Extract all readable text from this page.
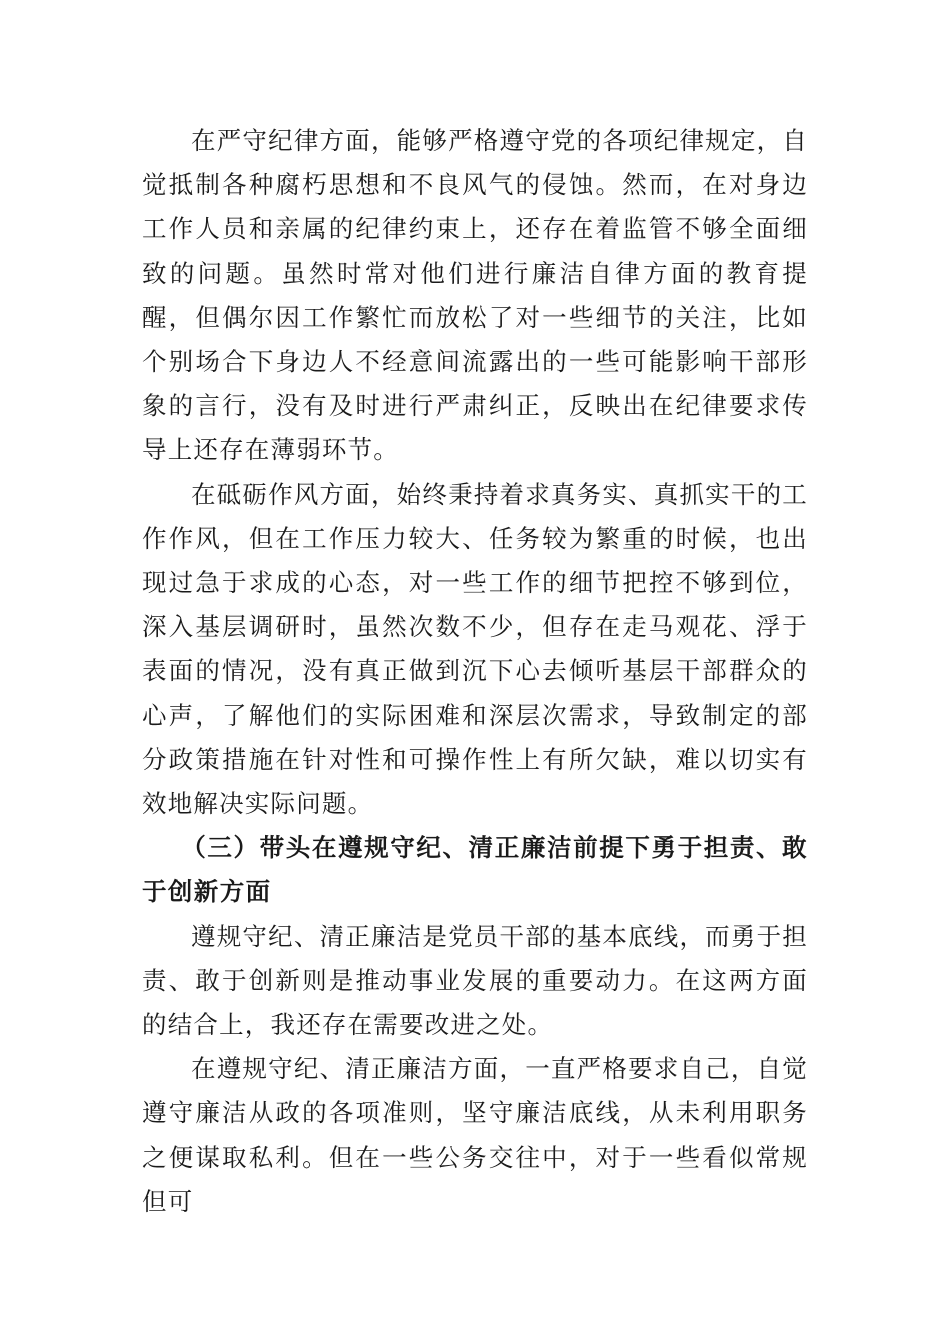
在严守纪律方面，能够严格遵守党的各项纪律规定，自觉抵制各种腐朽思想和不良风气的侵蚀。然而，在对身边工作人员和亲属的纪律约束上，还存在着监管不够全面细致的问题。虽然时常对他们进行廉洁自律方面的教育提醒，但偶尔因工作繁忙而放松了对一些细节的关注，比如个别场合下身边人不经意间流露出的一些可能影响干部形象的言行，没有及时进行严肃纠正，反映出在纪律要求传导上还存在薄弱环节。

在砥砺作风方面，始终秉持着求真务实、真抓实干的工作作风，但在工作压力较大、任务较为繁重的时候，也出现过急于求成的心态，对一些工作的细节把控不够到位，深入基层调研时，虽然次数不少，但存在走马观花、浮于表面的情况，没有真正做到沉下心去倾听基层干部群众的心声，了解他们的实际困难和深层次需求，导致制定的部分政策措施在针对性和可操作性上有所欠缺，难以切实有效地解决实际问题。

（三）带头在遵规守纪、清正廉洁前提下勇于担责、敢于创新方面

遵规守纪、清正廉洁是党员干部的基本底线，而勇于担责、敢于创新则是推动事业发展的重要动力。在这两方面的结合上，我还存在需要改进之处。

在遵规守纪、清正廉洁方面，一直严格要求自己，自觉遵守廉洁从政的各项准则，坚守廉洁底线，从未利用职务之便谋取私利。但在一些公务交往中，对于一些看似常规但可
